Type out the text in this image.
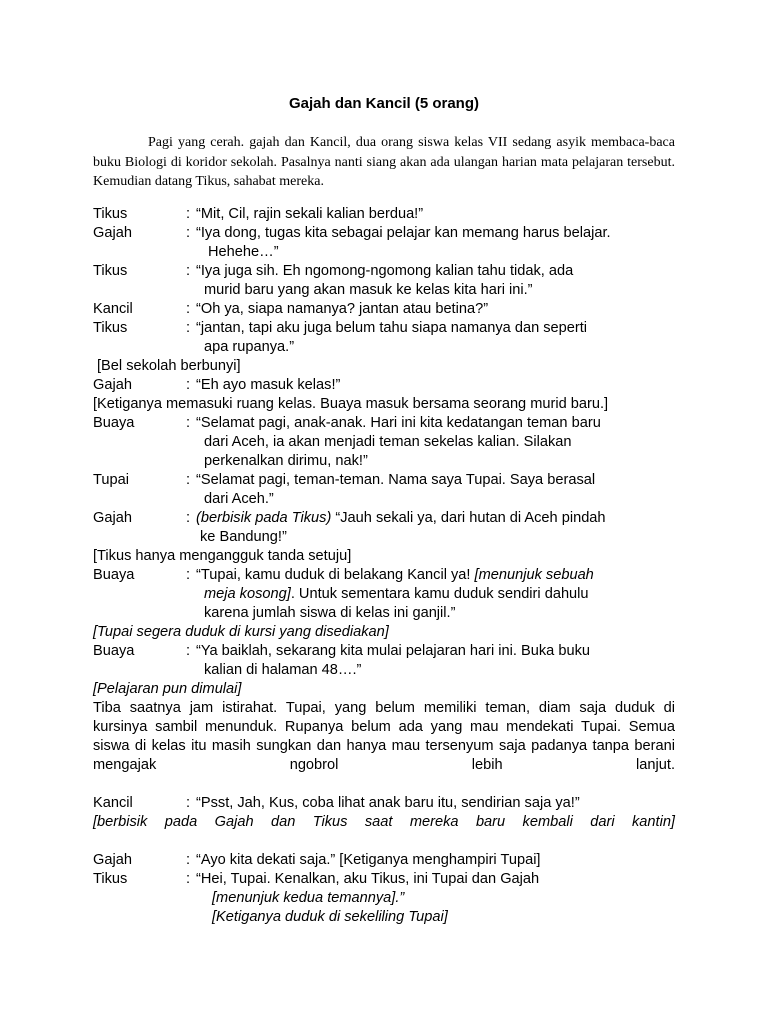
Gajah dan Kancil (5 orang)
Pagi yang cerah. gajah dan Kancil, dua orang siswa kelas VII sedang asyik membaca-baca buku Biologi di koridor sekolah. Pasalnya nanti siang akan ada ulangan harian mata pelajaran tersebut. Kemudian datang Tikus, sahabat mereka.
Tikus	: “Mit, Cil, rajin sekali kalian berdua!”
Gajah	: “Iya dong, tugas kita sebagai pelajar kan memang harus belajar.
Hehehe…”
Tikus	: “Iya juga sih. Eh ngomong-ngomong kalian tahu tidak, ada
murid baru yang akan masuk ke kelas kita hari ini.”
Kancil	: “Oh ya, siapa namanya? jantan atau betina?”
Tikus	: “jantan, tapi aku juga belum tahu siapa namanya dan seperti
apa rupanya.”
[Bel sekolah berbunyi]
Gajah	: “Eh ayo masuk kelas!”
[Ketiganya memasuki ruang kelas. Buaya masuk bersama seorang murid baru.]
Buaya	: “Selamat pagi, anak-anak. Hari ini kita kedatangan teman baru
dari Aceh, ia akan menjadi teman sekelas kalian. Silakan
perkenalkan dirimu, nak!”
Tupai	: “Selamat pagi, teman-teman. Nama saya Tupai. Saya berasal
dari Aceh.”
Gajah	: (berbisik pada Tikus) “Jauh sekali ya, dari hutan di Aceh pindah
ke Bandung!”
[Tikus hanya mengangguk tanda setuju]
Buaya	: “Tupai, kamu duduk di belakang Kancil ya! [menunjuk sebuah
meja kosong]. Untuk sementara kamu duduk sendiri dahulu
karena jumlah siswa di kelas ini ganjil.”
[Tupai segera duduk di kursi yang disediakan]
Buaya	: “Ya baiklah, sekarang kita mulai pelajaran hari ini. Buka buku
kalian di halaman 48….”
[Pelajaran pun dimulai]
Tiba saatnya jam istirahat. Tupai, yang belum memiliki teman, diam saja duduk di kursinya sambil menunduk. Rupanya belum ada yang mau mendekati Tupai. Semua siswa di kelas itu masih sungkan dan hanya mau tersenyum saja padanya tanpa berani mengajak ngobrol lebih lanjut.
Kancil	: “Psst, Jah, Kus, coba lihat anak baru itu, sendirian saja ya!”
[berbisik pada Gajah dan Tikus saat mereka baru kembali dari kantin]
Gajah	: “Ayo kita dekati saja.” [Ketiganya menghampiri Tupai]
Tikus	: “Hei, Tupai. Kenalkan, aku Tikus, ini Tupai dan Gajah
[menunjuk kedua temannya].”
[Ketiganya duduk di sekeliling Tupai]
